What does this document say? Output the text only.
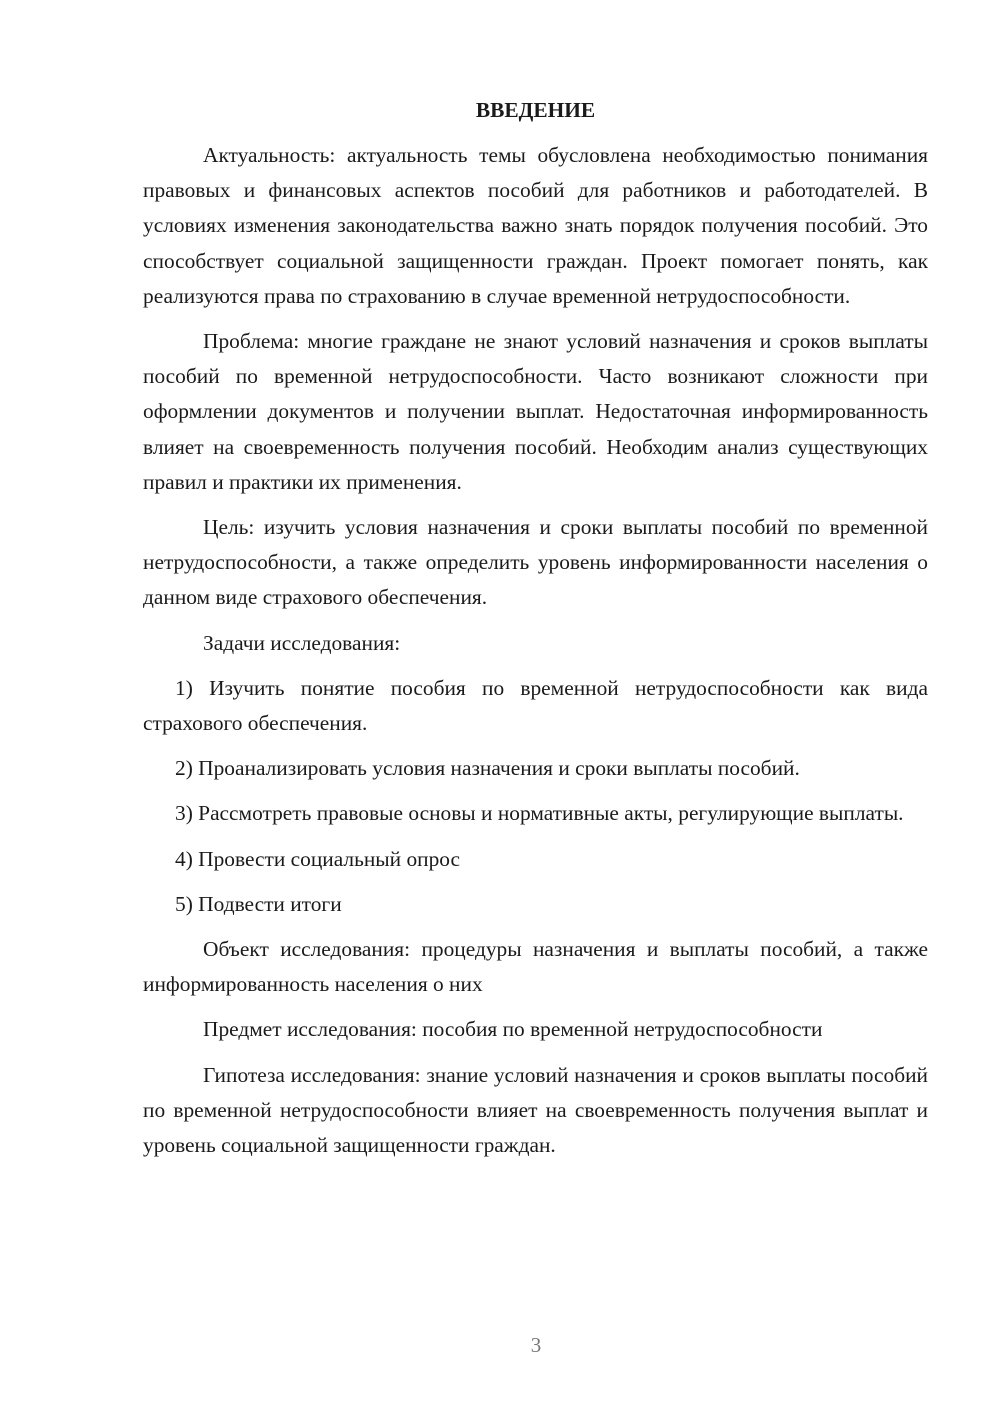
ВВЕДЕНИЕ

Актуальность: актуальность темы обусловлена необходимостью понимания правовых и финансовых аспектов пособий для работников и работодателей. В условиях изменения законодательства важно знать порядок получения пособий. Это способствует социальной защищенности граждан. Проект помогает понять, как реализуются права по страхованию в случае временной нетрудоспособности.

Проблема: многие граждане не знают условий назначения и сроков выплаты пособий по временной нетрудоспособности. Часто возникают сложности при оформлении документов и получении выплат. Недостаточная информированность влияет на своевременность получения пособий. Необходим анализ существующих правил и практики их применения.

Цель: изучить условия назначения и сроки выплаты пособий по временной нетрудоспособности, а также определить уровень информированности населения о данном виде страхового обеспечения.

Задачи исследования:

1) Изучить понятие пособия по временной нетрудоспособности как вида страхового обеспечения.

2) Проанализировать условия назначения и сроки выплаты пособий.

3) Рассмотреть правовые основы и нормативные акты, регулирующие выплаты.

4) Провести социальный опрос

5) Подвести итоги

Объект исследования: процедуры назначения и выплаты пособий, а также информированность населения о них

Предмет исследования: пособия по временной нетрудоспособности

Гипотеза исследования: знание условий назначения и сроков выплаты пособий по временной нетрудоспособности влияет на своевременность получения выплат и уровень социальной защищенности граждан.

3
